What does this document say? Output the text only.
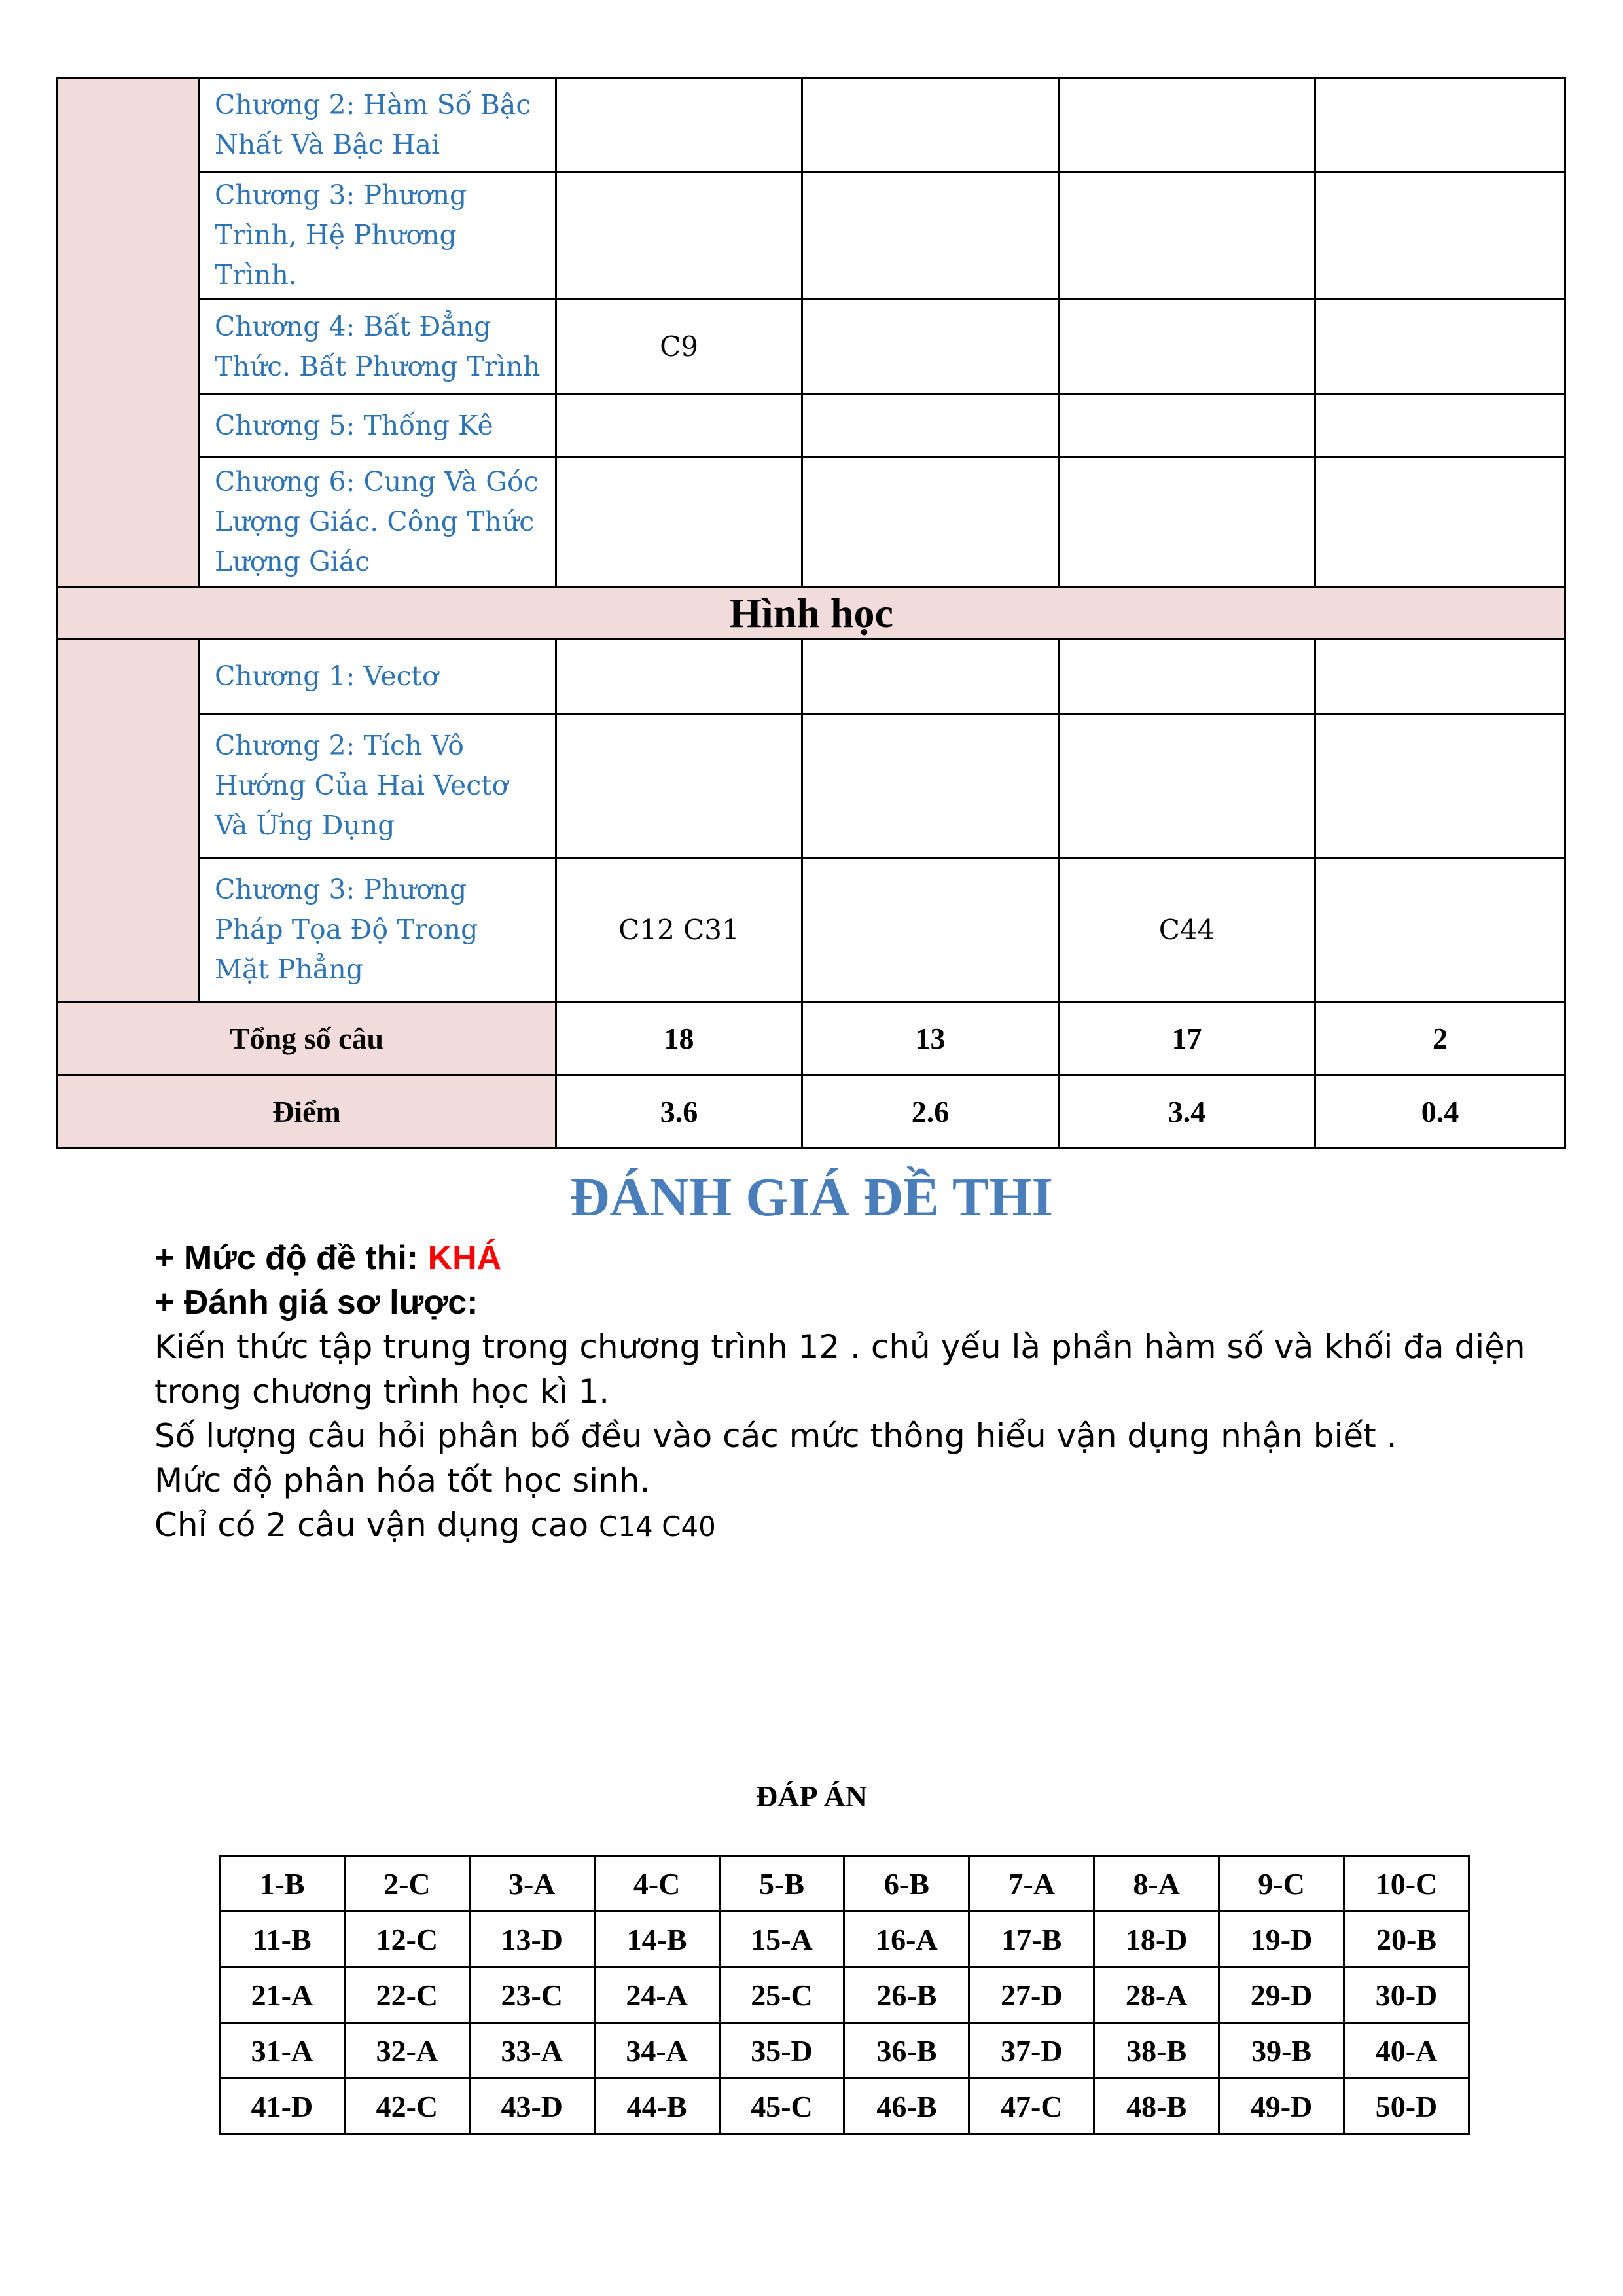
	Chương 2: Hàm Số Bậc Nhất Và Bậc Hai				
	Chương 3: Phương Trình, Hệ Phương Trình.				
	Chương 4: Bất Đẳng Thức. Bất Phương Trình	C9			
	Chương 5: Thống Kê				
	Chương 6: Cung Và Góc Lượng Giác. Công Thức Lượng Giác				
Hình học					
	Chương 1: Vectơ				
	Chương 2: Tích Vô Hướng Của Hai Vectơ Và Ứng Dụng				
	Chương 3: Phương Pháp Tọa Độ Trong Mặt Phẳng	C12 C31		C44	
Tổng số câu		18	13	17	2
Điểm		3.6	2.6	3.4	0.4
ĐÁNH GIÁ ĐỀ THI
+ Mức độ đề thi: KHÁ
+ Đánh giá sơ lược:
Kiến thức tập trung trong chương trình 12 . chủ yếu là phần hàm số và khối đa diện trong chương trình học kì 1.
Số lượng câu hỏi phân bố đều vào các mức thông hiểu vận dụng nhận biết .
Mức độ phân hóa tốt học sinh.
Chỉ có 2 câu vận dụng cao C14 C40
ĐÁP ÁN
1-B	2-C	3-A	4-C	5-B	6-B	7-A	8-A	9-C	10-C
11-B	12-C	13-D	14-B	15-A	16-A	17-B	18-D	19-D	20-B
21-A	22-C	23-C	24-A	25-C	26-B	27-D	28-A	29-D	30-D
31-A	32-A	33-A	34-A	35-D	36-B	37-D	38-B	39-B	40-A
41-D	42-C	43-D	44-B	45-C	46-B	47-C	48-B	49-D	50-D
